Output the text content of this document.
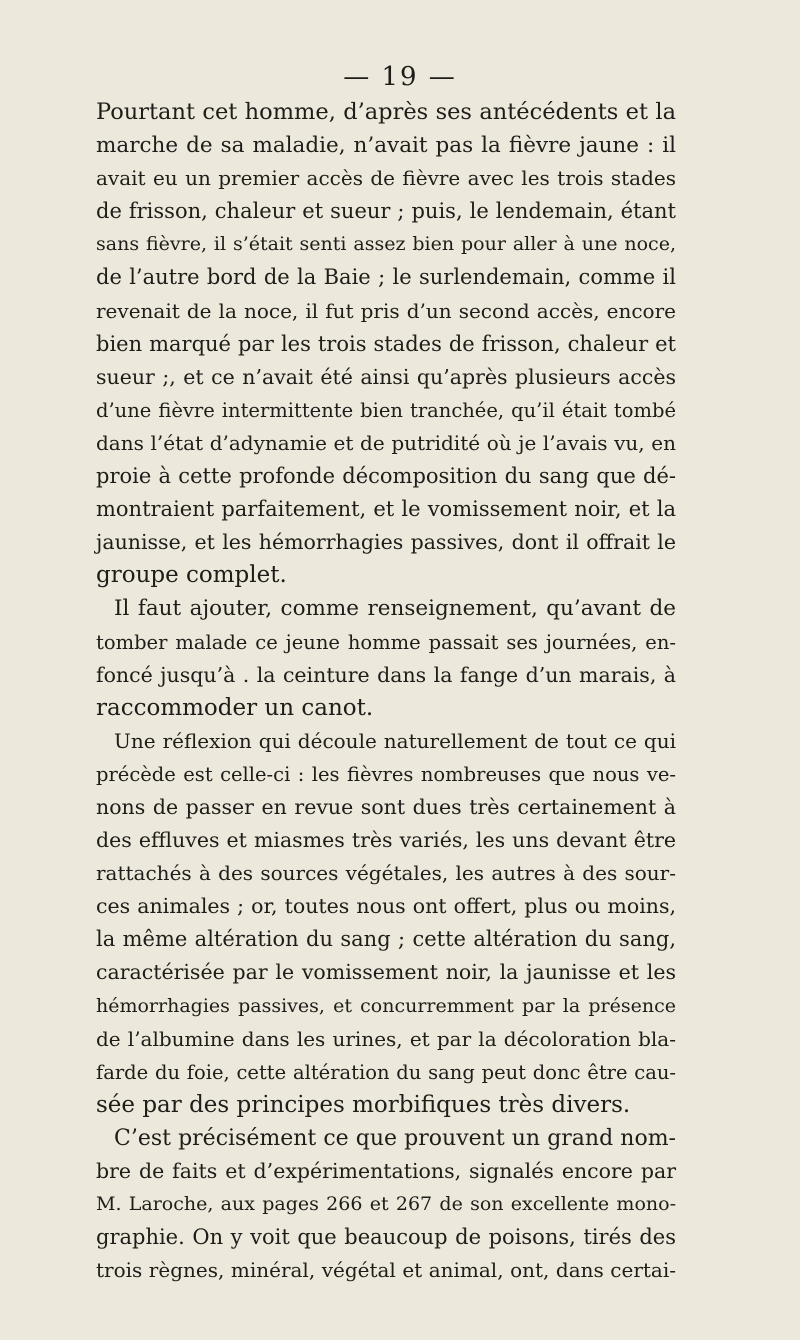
— 19 —
Pourtant cet homme, d’après ses antécédents et la
marche de sa maladie, n’avait pas la fièvre jaune : il
avait eu un premier accès de fièvre avec les trois stades
de frisson, chaleur et sueur ; puis, le lendemain, étant
sans fièvre, il s’était senti assez bien pour aller à une noce,
de l’autre bord de la Baie ; le surlendemain, comme il
revenait de la noce, il fut pris d’un second accès, encore
bien marqué par les trois stades de frisson, chaleur et
sueur ;, et ce n’avait été ainsi qu’après plusieurs accès
d’une fièvre intermittente bien tranchée, qu’il était tombé
dans l’état d’adynamie et de putridité où je l’avais vu, en
proie à cette profonde décomposition du sang que dé-
montraient parfaitement, et le vomissement noir, et la
jaunisse, et les hémorrhagies passives, dont il offrait le
groupe complet.
Il faut ajouter, comme renseignement, qu’avant de
tomber malade ce jeune homme passait ses journées, en-
foncé jusqu’à . la ceinture dans la fange d’un marais, à
raccommoder un canot.
Une réflexion qui découle naturellement de tout ce qui
précède est celle-ci : les fièvres nombreuses que nous ve-
nons de passer en revue sont dues très certainement à
des effluves et miasmes très variés, les uns devant être
rattachés à des sources végétales, les autres à des sour-
ces animales ; or, toutes nous ont offert, plus ou moins,
la même altération du sang ; cette altération du sang,
caractérisée par le vomissement noir, la jaunisse et les
hémorrhagies passives, et concurremment par la présence
de l’albumine dans les urines, et par la décoloration bla-
farde du foie, cette altération du sang peut donc être cau-
sée par des principes morbifiques très divers.
C’est précisément ce que prouvent un grand nom-
bre de faits et d’expérimentations, signalés encore par
M. Laroche, aux pages 266 et 267 de son excellente mono-
graphie. On y voit que beaucoup de poisons, tirés des
trois règnes, minéral, végétal et animal, ont, dans certai-
